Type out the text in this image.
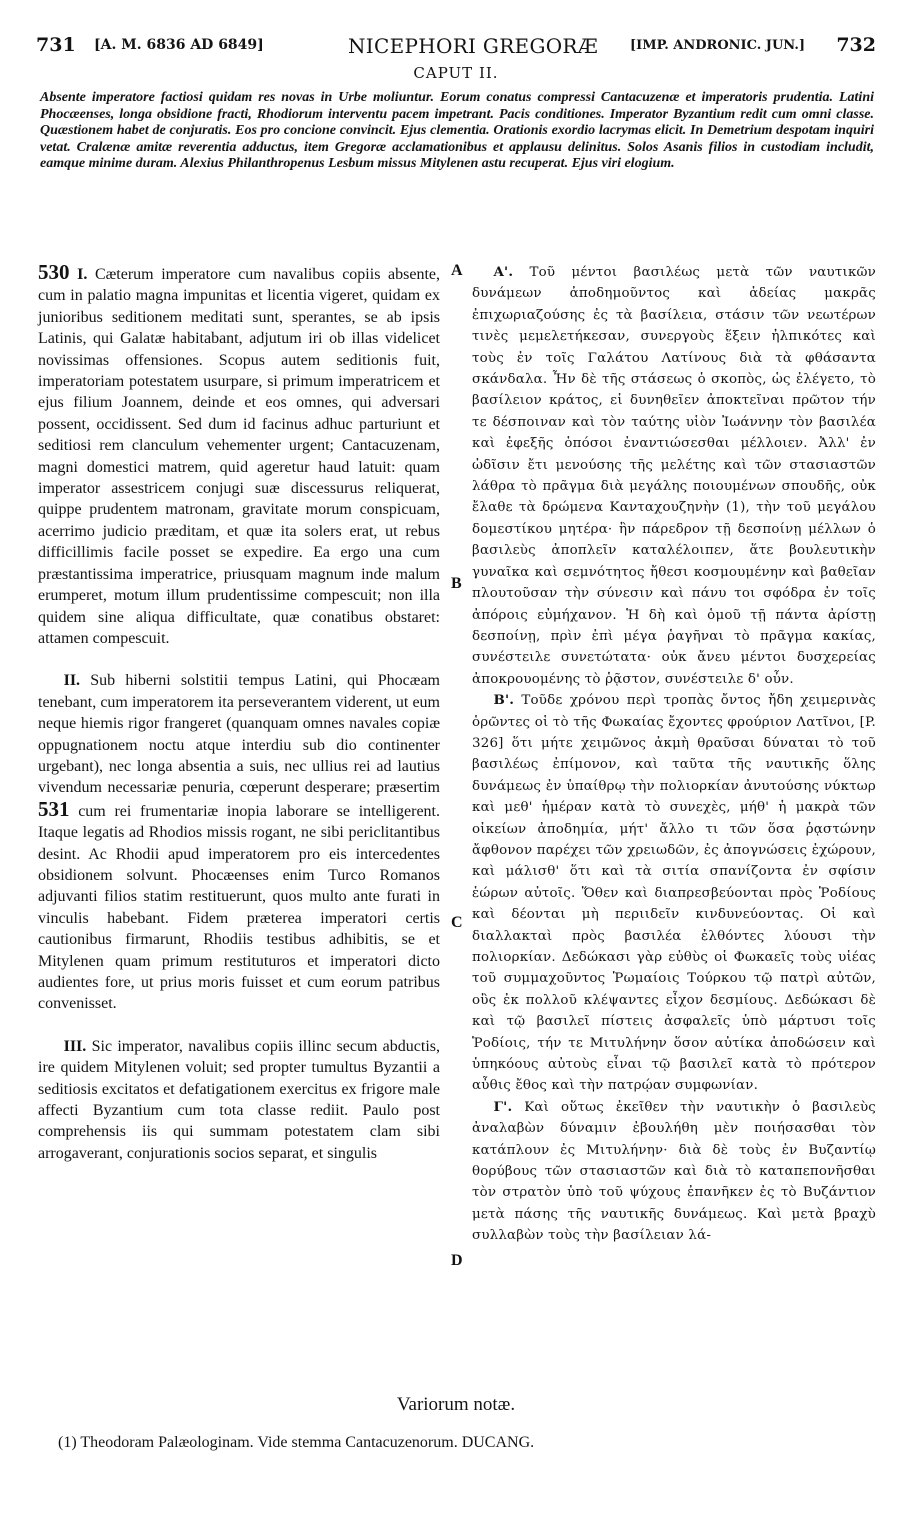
731 [A. M. 6836 AD 6849]	NICEPHORI GREGORÆ [IMP. ANDRONIC. JUN.] 732
CAPUT II.

Absente imperatore factiosi quidam res novas in Urbe moliuntur. Eorum conatus compressi Cantacuzenæ et imperatoris prudentia. Latini Phocæenses, longa obsidione fracti, Rhodiorum interventu pacem impetrant. Pacis conditiones. Imperator Byzantium redit cum omni classe. Quæstionem habet de conjuratis. Eos pro concione convincit. Ejus clementia. Orationis exordio lacrymas elicit. In Demetrium despotam inquiri vetat. Cralænæ amitæ reverentia adductus, item Gregoræ acclamationibus et applausu delinitus. Solos Asanis filios in custodiam includit, eamque minime duram. Alexius Philanthropenus Lesbum missus Mitylenen astu recuperat. Ejus viri elogium.

530 I. Cæterum imperatore cum navalibus copiis absente, cum in palatio magna impunitas et licentia vigeret, quidam ex junioribus seditionem meditati sunt, sperantes, se ab ipsis Latinis, qui Galatæ habitabant, adjutum iri ob illas videlicet novissimas offensiones. Scopus autem seditionis fuit, imperatoriam potestatem usurpare, si primum imperatricem et ejus filium Joannem, deinde et eos omnes, qui adversari possent, occidissent. Sed dum id facinus adhuc parturiunt et seditiosi rem clanculum vehementer urgent; Cantacuzenam, magni domestici matrem, quid ageretur haud latuit: quam imperator assestricem conjugi suæ discessurus reliquerat, quippe prudentem matronam, gravitate morum conspicuam, acerrimo judicio præditam, et quæ ita solers erat, ut rebus difficillimis facile posset se expedire. Ea ergo una cum præstantissima imperatrice, priusquam magnum inde malum erumperet, motum illum prudentissime compescuit; non illa quidem sine aliqua difficultate, quæ conatibus obstaret: attamen compescuit.

II. Sub hiberni solstitii tempus Latini, qui Phocæam tenebant, cum imperatorem ita perseverantem viderent, ut eum neque hiemis rigor frangeret (quanquam omnes navales copiæ oppugnationem noctu atque interdiu sub dio continenter urgebant), nec longa absentia a suis, nec ullius rei ad lautius vivendum necessariæ penuria, cœperunt desperare; præsertim 531 cum rei frumentariæ inopia laborare se intelligerent. Itaque legatis ad Rhodios missis rogant, ne sibi periclitantibus desint. Ac Rhodii apud imperatorem pro eis intercedentes obsidionem solvunt. Phocæenses enim Turco Romanos adjuvanti filios statim restituerunt, quos multo ante furati in vinculis habebant. Fidem præterea imperatori certis cautionibus firmarunt, Rhodiis testibus adhibitis, se et Mitylenen quam primum restituturos et imperatori dicto audientes fore, ut prius moris fuisset et cum eorum patribus convenisset.

III. Sic imperator, navalibus copiis illinc secum abductis, ire quidem Mitylenen voluit; sed propter tumultus Byzantii a seditiosis excitatos et defatigationem exercitus ex frigore male affecti Byzantium cum tota classe rediit. Paulo post comprehensis iis qui summam potestatem clam sibi arrogaverant, conjurationis socios separat, et singulis

A
B
C
D

Α'. Τοῦ μέντοι βασιλέως μετὰ τῶν ναυτικῶν δυνάμεων ἀποδημοῦντος καὶ ἀδείας μακρᾶς ἐπιχωριαζούσης ἐς τὰ βασίλεια, στάσιν τῶν νεωτέρων τινὲς μεμελετήκεσαν, συνεργοὺς ἕξειν ἠλπικότες καὶ τοὺς ἐν τοῖς Γαλάτου Λατίνους διὰ τὰ φθάσαντα σκάνδαλα. Ἦν δὲ τῆς στάσεως ὁ σκοπὸς, ὡς ἐλέγετο, τὸ βασίλειον κράτος, εἰ δυνηθεῖεν ἀποκτεῖναι πρῶτον τήν τε δέσποιναν καὶ τὸν ταύτης υἱὸν Ἰωάννην τὸν βασιλέα καὶ ἐφεξῆς ὁπόσοι ἐναντιώσεσθαι μέλλοιεν. Ἀλλ' ἐν ὠδῖσιν ἔτι μενούσης τῆς μελέτης καὶ τῶν στασιαστῶν λάθρα τὸ πρᾶγμα διὰ μεγάλης ποιουμένων σπουδῆς, οὐκ ἔλαθε τὰ δρώμενα Κανταχουζηνὴν (1), τὴν τοῦ μεγάλου δομεστίκου μητέρα· ἣν πάρεδρον τῇ δεσποίνῃ μέλλων ὁ βασιλεὺς ἀποπλεῖν καταλέλοιπεν, ἅτε βουλευτικὴν γυναῖκα καὶ σεμνότητος ἤθεσι κοσμουμένην καὶ βαθεῖαν πλουτοῦσαν τὴν σύνεσιν καὶ πάνυ τοι σφόδρα ἐν τοῖς ἀπόροις εὐμήχανον. Ἡ δὴ καὶ ὁμοῦ τῇ πάντα ἀρίστῃ δεσποίνῃ, πρὶν ἐπὶ μέγα ῥαγῆναι τὸ πρᾶγμα κακίας, συνέστειλε συνετώτατα· οὐκ ἄνευ μέντοι δυσχερείας ἀποκρουομένης τὸ ῥᾷστον, συνέστειλε δ' οὖν.

Β'. Τοῦδε χρόνου περὶ τροπὰς ὄντος ἤδη χειμερινὰς ὁρῶντες οἱ τὸ τῆς Φωκαίας ἔχοντες φρούριον Λατῖνοι, [P. 326] ὅτι μήτε χειμῶνος ἀκμὴ θραῦσαι δύναται τὸ τοῦ βασιλέως ἐπίμονον, καὶ ταῦτα τῆς ναυτικῆς ὅλης δυνάμεως ἐν ὑπαίθρῳ τὴν πολιορκίαν ἀνυτούσης νύκτωρ καὶ μεθ' ἡμέραν κατὰ τὸ συνεχὲς, μήθ' ἡ μακρὰ τῶν οἰκείων ἀποδημία, μήτ' ἄλλο τι τῶν ὅσα ῥᾳστώνην ἄφθονον παρέχει τῶν χρειωδῶν, ἐς ἀπογνώσεις ἐχώρουν, καὶ μάλισθ' ὅτι καὶ τὰ σιτία σπανίζοντα ἐν σφίσιν ἑώρων αὐτοῖς. Ὅθεν καὶ διαπρεσβεύονται πρὸς Ῥοδίους καὶ δέονται μὴ περιιδεῖν κινδυνεύοντας. Οἱ καὶ διαλλακταὶ πρὸς βασιλέα ἐλθόντες λύουσι τὴν πολιορκίαν. Δεδώκασι γὰρ εὐθὺς οἱ Φωκαεῖς τοὺς υἱέας τοῦ συμμαχοῦντος Ῥωμαίοις Τούρκου τῷ πατρὶ αὐτῶν, οὓς ἐκ πολλοῦ κλέψαντες εἶχον δεσμίους. Δεδώκασι δὲ καὶ τῷ βασιλεῖ πίστεις ἀσφαλεῖς ὑπὸ μάρτυσι τοῖς Ῥοδίοις, τήν τε Μιτυλήνην ὅσον αὐτίκα ἀποδώσειν καὶ ὑπηκόους αὐτοὺς εἶναι τῷ βασιλεῖ κατὰ τὸ πρότερον αὖθις ἔθος καὶ τὴν πατρῴαν συμφωνίαν.

Γ'. Καὶ οὕτως ἐκεῖθεν τὴν ναυτικὴν ὁ βασιλεὺς ἀναλαβὼν δύναμιν ἐβουλήθη μὲν ποιήσασθαι τὸν κατάπλουν ἐς Μιτυλήνην· διὰ δὲ τοὺς ἐν Βυζαντίῳ θορύβους τῶν στασιαστῶν καὶ διὰ τὸ καταπεπονῆσθαι τὸν στρατὸν ὑπὸ τοῦ ψύχους ἐπανῆκεν ἐς τὸ Βυζάντιον μετὰ πάσης τῆς ναυτικῆς δυνάμεως. Καὶ μετὰ βραχὺ συλλαβὼν τοὺς τὴν βασίλειαν λά-

Variorum notæ.

(1) Theodoram Palæologinam. Vide stemma Cantacuzenorum. DUCANG.
